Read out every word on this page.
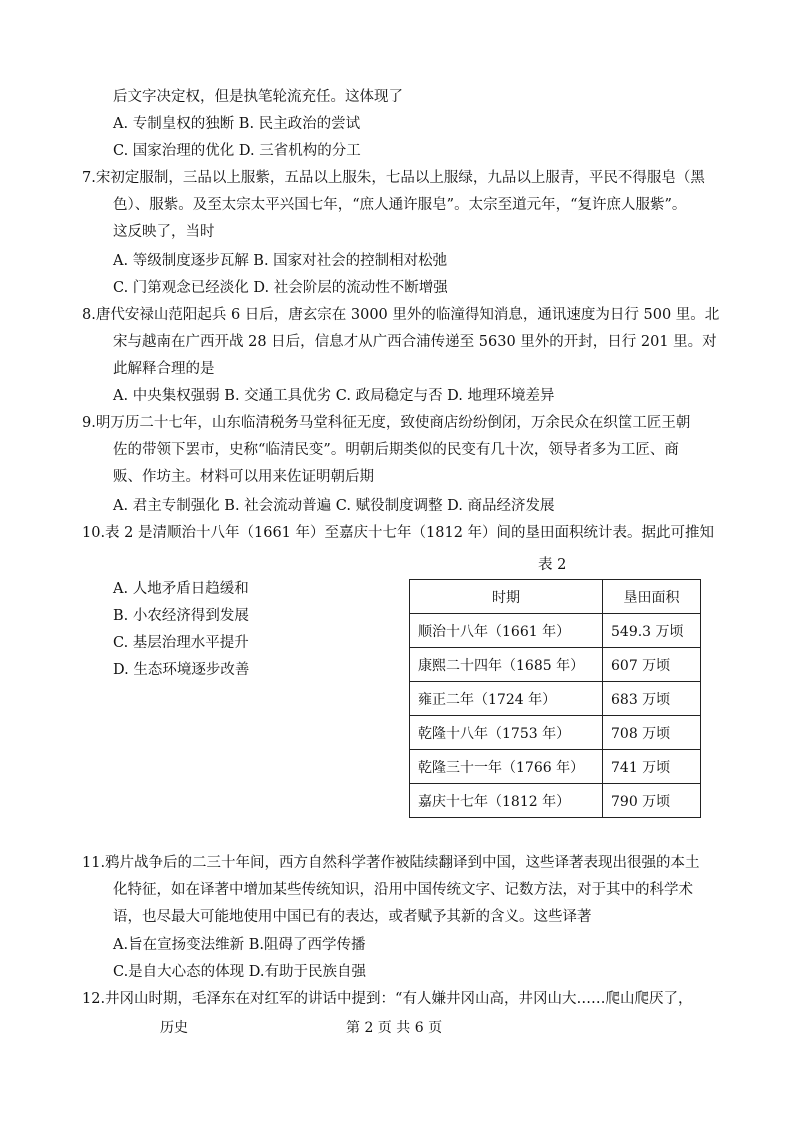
后文字决定权，但是执笔轮流充任。这体现了
A. 专制皇权的独断 B. 民主政治的尝试
C. 国家治理的优化 D. 三省机构的分工
7.宋初定服制，三品以上服紫，五品以上服朱，七品以上服绿，九品以上服青，平民不得服皂（黑
色）、服紫。及至太宗太平兴国七年，“庶人通许服皂”。太宗至道元年，“复许庶人服紫”。
这反映了，当时
A. 等级制度逐步瓦解 B. 国家对社会的控制相对松弛
C. 门第观念已经淡化 D. 社会阶层的流动性不断增强
8.唐代安禄山范阳起兵 6 日后，唐玄宗在 3000 里外的临潼得知消息，通讯速度为日行 500 里。北
宋与越南在广西开战 28 日后，信息才从广西合浦传递至 5630 里外的开封，日行 201 里。对
此解释合理的是
A. 中央集权强弱 B. 交通工具优劣 C. 政局稳定与否 D. 地理环境差异
9.明万历二十七年，山东临清税务马堂科征无度，致使商店纷纷倒闭，万余民众在织筐工匠王朝
佐的带领下罢市，史称“临清民变”。明朝后期类似的民变有几十次，领导者多为工匠、商
贩、作坊主。材料可以用来佐证明朝后期
A. 君主专制强化 B. 社会流动普遍 C. 赋役制度调整 D. 商品经济发展
10.表 2 是清顺治十八年（1661 年）至嘉庆十七年（1812 年）间的垦田面积统计表。据此可推知
表 2
A. 人地矛盾日趋缓和
B. 小农经济得到发展
C. 基层治理水平提升
D. 生态环境逐步改善
时期	垦田面积
顺治十八年（1661 年）	549.3 万顷
康熙二十四年（1685 年）	607 万顷
雍正二年（1724 年）	683 万顷
乾隆十八年（1753 年）	708 万顷
乾隆三十一年（1766 年）	741 万顷
嘉庆十七年（1812 年）	790 万顷
11.鸦片战争后的二三十年间，西方自然科学著作被陆续翻译到中国，这些译著表现出很强的本土
化特征，如在译著中增加某些传统知识，沿用中国传统文字、记数方法，对于其中的科学术
语，也尽最大可能地使用中国已有的表达，或者赋予其新的含义。这些译著
A.旨在宣扬变法维新 B.阻碍了西学传播
C.是自大心态的体现 D.有助于民族自强
12.井冈山时期，毛泽东在对红军的讲话中提到：“有人嫌井冈山高，井冈山大……爬山爬厌了，
历史	第 2 页 共 6 页
